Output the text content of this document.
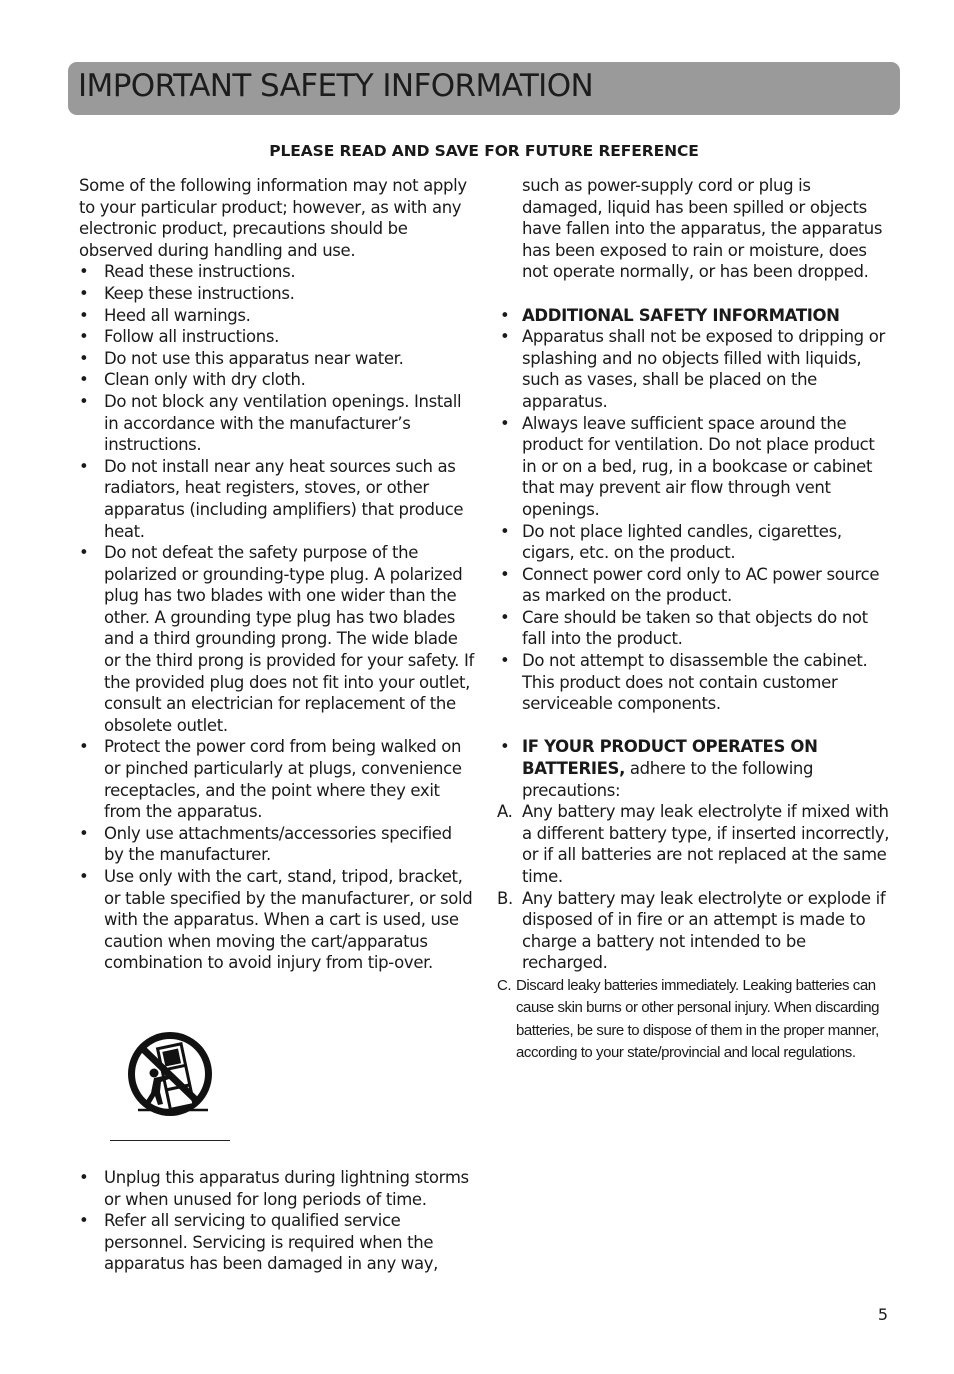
IMPORTANT SAFETY INFORMATION
PLEASE READ AND SAVE FOR FUTURE REFERENCE

Some of the following information may not apply to your particular product; however, as with any electronic product, precautions should be observed during handling and use.

• Read these instructions.
• Keep these instructions.
• Heed all warnings.
• Follow all instructions.
• Do not use this apparatus near water.
• Clean only with dry cloth.
• Do not block any ventilation openings. Install in accordance with the manufacturer’s instructions.
• Do not install near any heat sources such as radiators, heat registers, stoves, or other apparatus (including amplifiers) that produce heat.
• Do not defeat the safety purpose of the polarized or grounding-type plug. A polarized plug has two blades with one wider than the other. A grounding type plug has two blades and a third grounding prong. The wide blade or the third prong is provided for your safety. If the provided plug does not fit into your outlet, consult an electrician for replacement of the obsolete outlet.
• Protect the power cord from being walked on or pinched particularly at plugs, convenience receptacles, and the point where they exit from the apparatus.
• Only use attachments/accessories specified by the manufacturer.
• Use only with the cart, stand, tripod, bracket, or table specified by the manufacturer, or sold with the apparatus. When a cart is used, use caution when moving the cart/apparatus combination to avoid injury from tip-over.
• Unplug this apparatus during lightning storms or when unused for long periods of time.
• Refer all servicing to qualified service personnel. Servicing is required when the apparatus has been damaged in any way,

such as power-supply cord or plug is damaged, liquid has been spilled or objects have fallen into the apparatus, the apparatus has been exposed to rain or moisture, does not operate normally, or has been dropped.

• ADDITIONAL SAFETY INFORMATION
• Apparatus shall not be exposed to dripping or splashing and no objects filled with liquids, such as vases, shall be placed on the apparatus.
• Always leave sufficient space around the product for ventilation. Do not place product in or on a bed, rug, in a bookcase or cabinet that may prevent air flow through vent openings.
• Do not place lighted candles, cigarettes, cigars, etc. on the product.
• Connect power cord only to AC power source as marked on the product.
• Care should be taken so that objects do not fall into the product.
• Do not attempt to disassemble the cabinet. This product does not contain customer serviceable components.
• IF YOUR PRODUCT OPERATES ON BATTERIES, adhere to the following precautions:
A. Any battery may leak electrolyte if mixed with a different battery type, if inserted incorrectly, or if all batteries are not replaced at the same time.
B. Any battery may leak electrolyte or explode if disposed of in fire or an attempt is made to charge a battery not intended to be recharged.
C. Discard leaky batteries immediately. Leaking batteries can cause skin burns or other personal injury. When discarding batteries, be sure to dispose of them in the proper manner, according to your state/provincial and local regulations.
5
